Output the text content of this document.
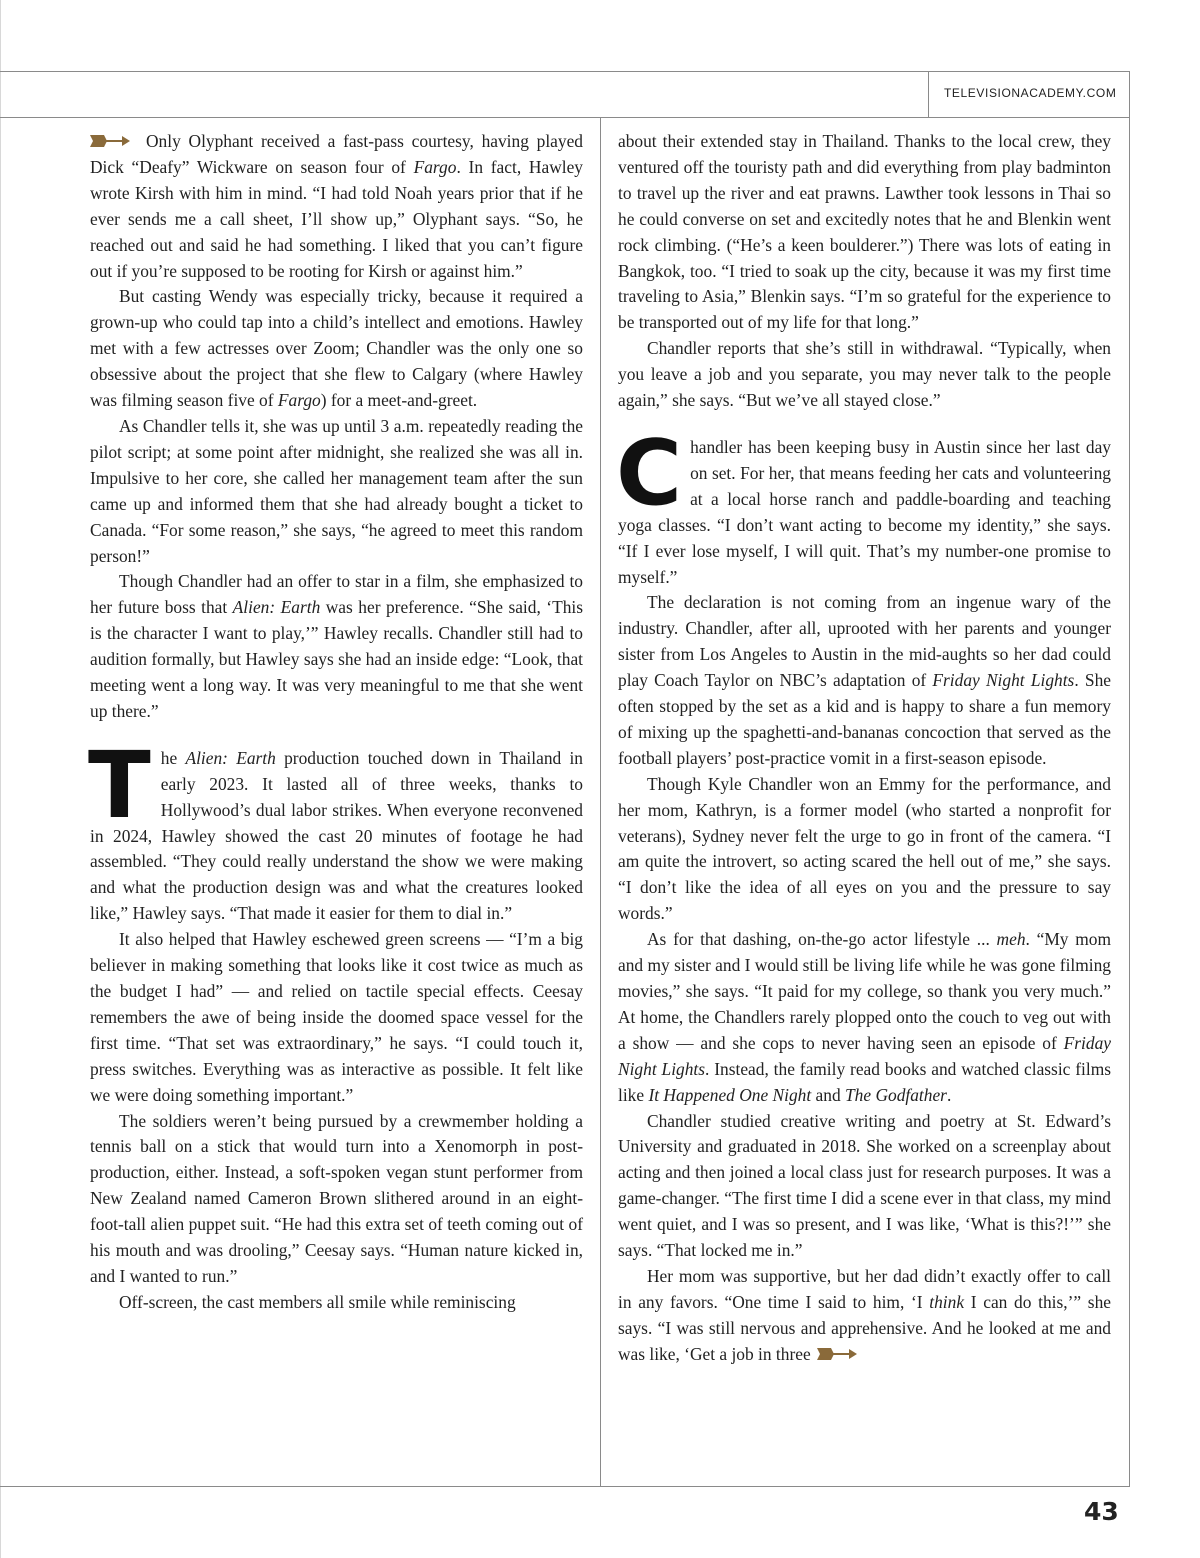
TELEVISIONACADEMY.COM
43

Only Olyphant received a fast-pass courtesy, having played Dick “Deafy” Wickware on season four of Fargo. In fact, Hawley wrote Kirsh with him in mind. “I had told Noah years prior that if he ever sends me a call sheet, I’ll show up,” Olyphant says. “So, he reached out and said he had something. I liked that you can’t figure out if you’re supposed to be rooting for Kirsh or against him.”

But casting Wendy was especially tricky, because it required a grown-up who could tap into a child’s intellect and emotions. Hawley met with a few actresses over Zoom; Chandler was the only one so obsessive about the project that she flew to Calgary (where Hawley was filming season five of Fargo) for a meet-and-greet.

As Chandler tells it, she was up until 3 a.m. repeatedly reading the pilot script; at some point after midnight, she realized she was all in. Impulsive to her core, she called her management team after the sun came up and informed them that she had already bought a ticket to Canada. “For some reason,” she says, “he agreed to meet this random person!”

Though Chandler had an offer to star in a film, she emphasized to her future boss that Alien: Earth was her preference. “She said, ‘This is the character I want to play,’” Hawley recalls. Chandler still had to audition formally, but Hawley says she had an inside edge: “Look, that meeting went a long way. It was very meaningful to me that she went up there.”

The Alien: Earth production touched down in Thailand in early 2023. It lasted all of three weeks, thanks to Hollywood’s dual labor strikes. When everyone reconvened in 2024, Hawley showed the cast 20 minutes of footage he had assembled. “They could really understand the show we were making and what the production design was and what the creatures looked like,” Hawley says. “That made it easier for them to dial in.”

It also helped that Hawley eschewed green screens — “I’m a big believer in making something that looks like it cost twice as much as the budget I had” — and relied on tactile special effects. Ceesay remembers the awe of being inside the doomed space vessel for the first time. “That set was extraordinary,” he says. “I could touch it, press switches. Everything was as interactive as possible. It felt like we were doing something important.”

The soldiers weren’t being pursued by a crewmember holding a tennis ball on a stick that would turn into a Xenomorph in post-production, either. Instead, a soft-spoken vegan stunt performer from New Zealand named Cameron Brown slithered around in an eight-foot-tall alien puppet suit. “He had this extra set of teeth coming out of his mouth and was drooling,” Ceesay says. “Human nature kicked in, and I wanted to run.”

Off-screen, the cast members all smile while reminiscing

about their extended stay in Thailand. Thanks to the local crew, they ventured off the touristy path and did everything from play badminton to travel up the river and eat prawns. Lawther took lessons in Thai so he could converse on set and excitedly notes that he and Blenkin went rock climbing. (“He’s a keen boulderer.”) There was lots of eating in Bangkok, too. “I tried to soak up the city, because it was my first time traveling to Asia,” Blenkin says. “I’m so grateful for the experience to be transported out of my life for that long.”

Chandler reports that she’s still in withdrawal. “Typically, when you leave a job and you separate, you may never talk to the people again,” she says. “But we’ve all stayed close.”

Chandler has been keeping busy in Austin since her last day on set. For her, that means feeding her cats and volunteering at a local horse ranch and paddle-boarding and teaching yoga classes. “I don’t want acting to become my identity,” she says. “If I ever lose myself, I will quit. That’s my number-one promise to myself.”

The declaration is not coming from an ingenue wary of the industry. Chandler, after all, uprooted with her parents and younger sister from Los Angeles to Austin in the mid-aughts so her dad could play Coach Taylor on NBC’s adaptation of Friday Night Lights. She often stopped by the set as a kid and is happy to share a fun memory of mixing up the spaghetti-and-bananas concoction that served as the football players’ post-practice vomit in a first-season episode.

Though Kyle Chandler won an Emmy for the performance, and her mom, Kathryn, is a former model (who started a nonprofit for veterans), Sydney never felt the urge to go in front of the camera. “I am quite the introvert, so acting scared the hell out of me,” she says. “I don’t like the idea of all eyes on you and the pressure to say words.”

As for that dashing, on-the-go actor lifestyle ... meh. “My mom and my sister and I would still be living life while he was gone filming movies,” she says. “It paid for my college, so thank you very much.” At home, the Chandlers rarely plopped onto the couch to veg out with a show — and she cops to never having seen an episode of Friday Night Lights. Instead, the family read books and watched classic films like It Happened One Night and The Godfather.

Chandler studied creative writing and poetry at St. Edward’s University and graduated in 2018. She worked on a screenplay about acting and then joined a local class just for research purposes. It was a game-changer. “The first time I did a scene ever in that class, my mind went quiet, and I was so present, and I was like, ‘What is this?!’” she says. “That locked me in.”

Her mom was supportive, but her dad didn’t exactly offer to call in any favors. “One time I said to him, ‘I think I can do this,’” she says. “I was still nervous and apprehensive. And he looked at me and was like, ‘Get a job in three
